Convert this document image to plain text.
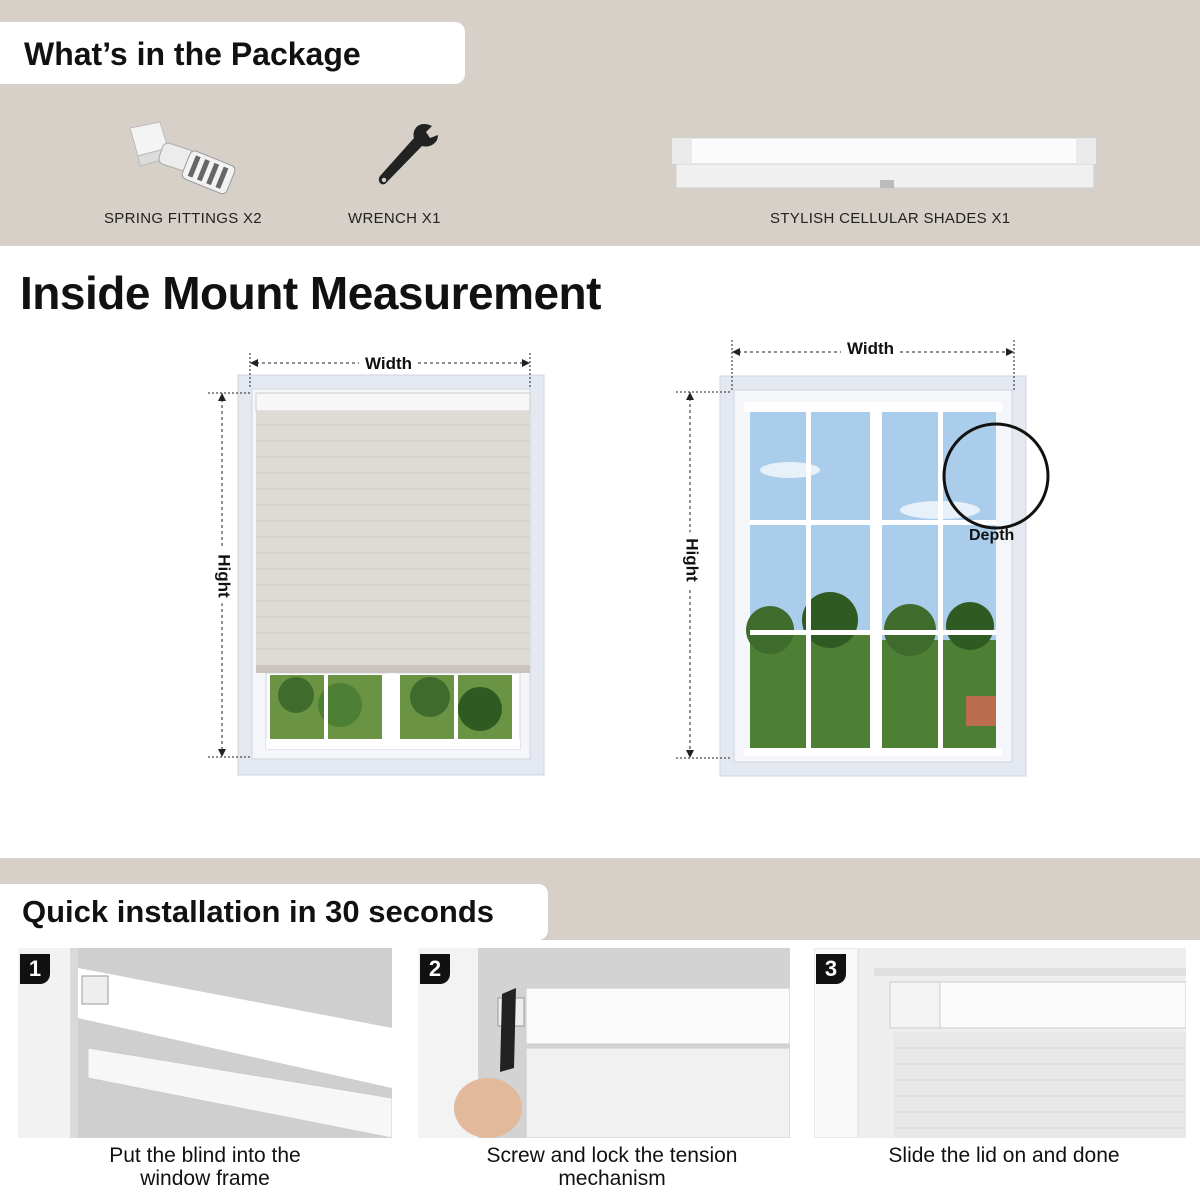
What’s in the Package
SPRING FITTINGS X2	WRENCH X1	STYLISH CELLULAR SHADES X1
Inside Mount Measurement
Width
Hight
Width
Hight
Depth
Quick installation in 30 seconds
1
Put the blind into the
window frame
2
Screw and lock the tension
mechanism
3
Slide the lid on and done
